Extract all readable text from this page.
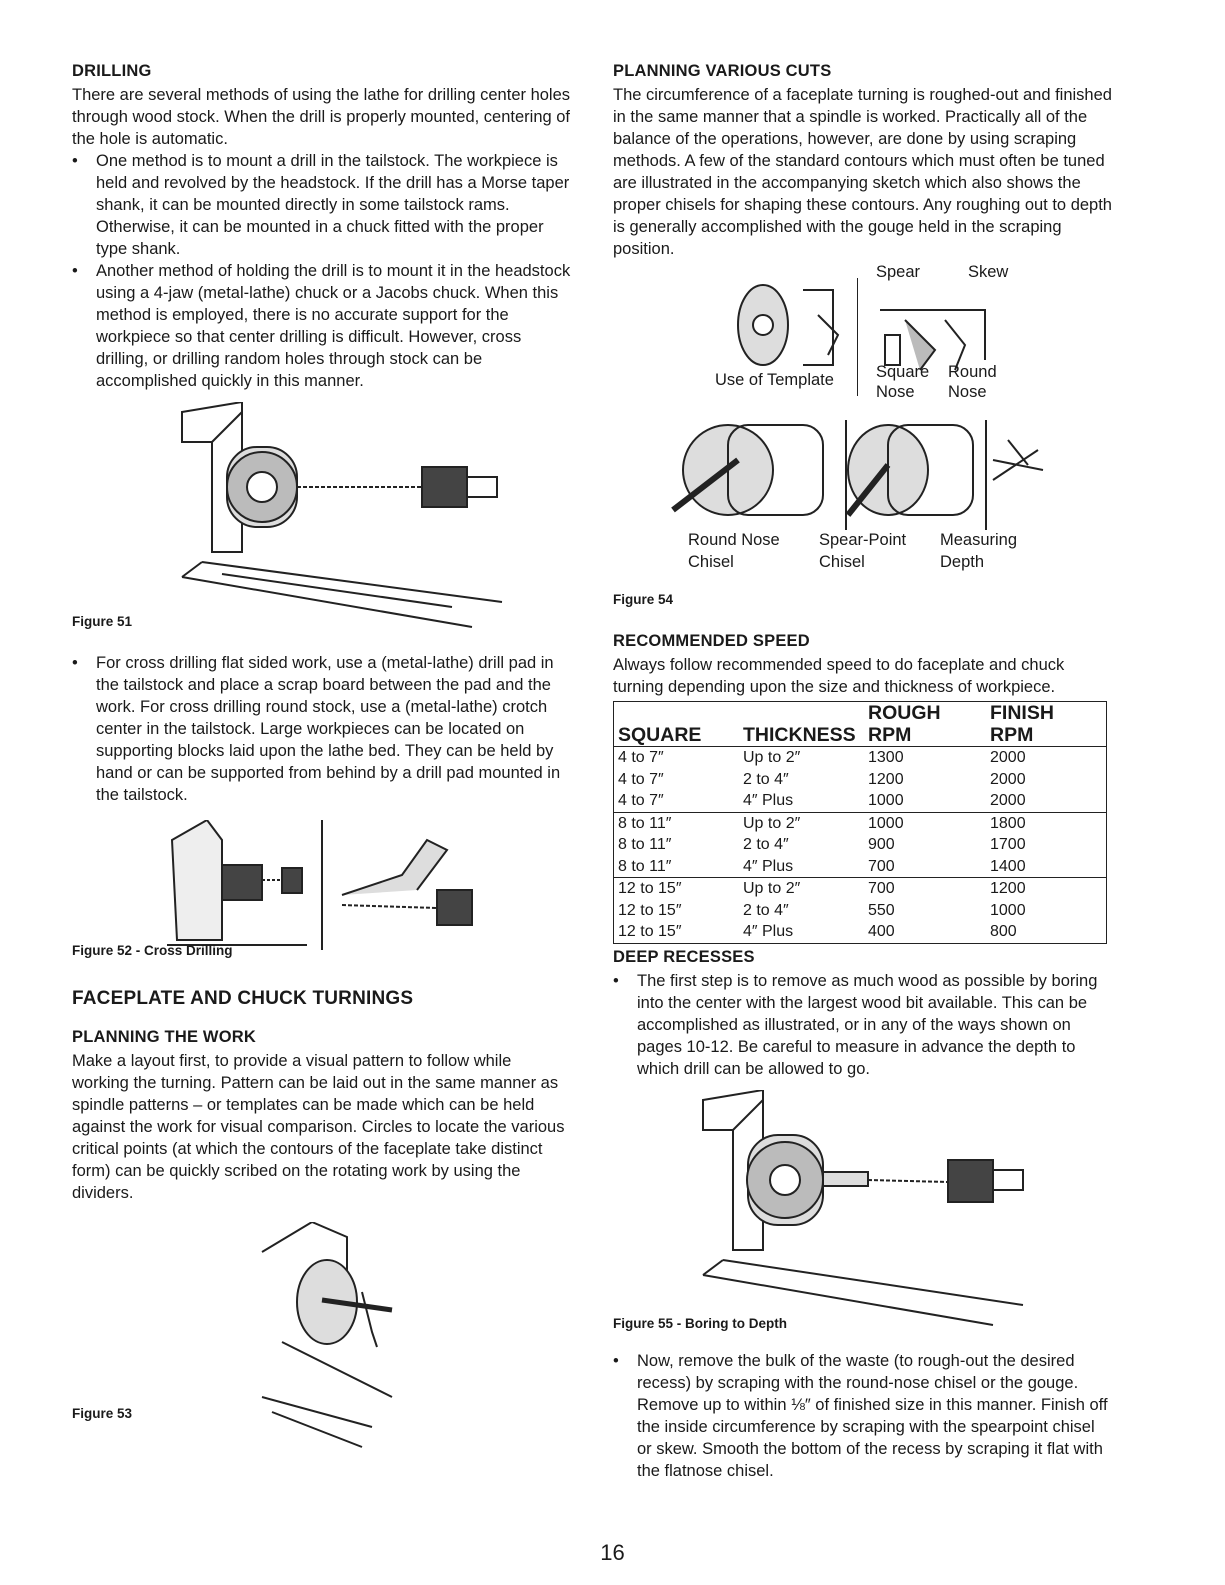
DRILLING

There are several methods of using the lathe for drilling center holes through wood stock. When the drill is properly mounted, centering of the hole is automatic.

• One method is to mount a drill in the tailstock. The workpiece is held and revolved by the headstock. If the drill has a Morse taper shank, it can be mounted directly in some tailstock rams. Otherwise, it can be mounted in a chuck fitted with the proper type shank.
• Another method of holding the drill is to mount it in the headstock using a 4-jaw (metal-lathe) chuck or a Jacobs chuck. When this method is employed, there is no accurate support for the workpiece so that center drilling is difficult. However, cross drilling, or drilling random holes through stock can be accomplished quickly in this manner.
Figure 51
• For cross drilling flat sided work, use a (metal-lathe) drill pad in the tailstock and place a scrap board between the pad and the work. For cross drilling round stock, use a (metal-lathe) crotch center in the tailstock. Large workpieces can be located on supporting blocks laid upon the lathe bed. They can be held by hand or can be supported from behind by a drill pad mounted in the tailstock.
Figure 52 - Cross Drilling
FACEPLATE AND CHUCK TURNINGS
PLANNING THE WORK

Make a layout first, to provide a visual pattern to follow while working the turning. Pattern can be laid out in the same manner as spindle patterns – or templates can be made which can be held against the work for visual comparison. Circles to locate the various critical points (at which the contours of the faceplate take distinct form) can be quickly scribed on the rotating work by using the dividers.

Figure 53
PLANNING VARIOUS CUTS

The circumference of a faceplate turning is roughed-out and finished in the same manner that a spindle is worked. Practically all of the balance of the operations, however, are done by using scraping methods. A few of the standard contours which must often be tuned are illustrated in the accompanying sketch which also shows the proper chisels for shaping these contours. Any roughing out to depth is generally accomplished with the gouge held in the scraping position.

Use of Template
Spear	Skew
Square
Nose
Round
Nose
Round Nose
Chisel
Spear-Point
Chisel
Measuring
Depth
Figure 54
RECOMMENDED SPEED

Always follow recommended speed to do faceplate and chuck turning depending upon the size and thickness of workpiece.

		ROUGH	FINISH
SQUARE	THICKNESS	RPM	RPM
4 to 7″	Up to 2″	1300	2000
4 to 7″	2 to 4″	1200	2000
4 to 7″	4″ Plus	1000	2000
8 to 11″	Up to 2″	1000	1800
8 to 11″	2 to 4″	900	1700
8 to 11″	4″ Plus	700	1400
12 to 15″	Up to 2″	700	1200
12 to 15″	2 to 4″	550	1000
12 to 15″	4″ Plus	400	800
DEEP RECESSES
• The first step is to remove as much wood as possible by boring into the center with the largest wood bit available. This can be accomplished as illustrated, or in any of the ways shown on pages 10-12. Be careful to measure in advance the depth to which drill can be allowed to go.
Figure 55 - Boring to Depth
• Now, remove the bulk of the waste (to rough-out the desired recess) by scraping with the round-nose chisel or the gouge. Remove up to within ⅛″ of finished size in this manner. Finish off the inside circumference by scraping with the spearpoint chisel or skew. Smooth the bottom of the recess by scraping it flat with the flatnose chisel.
16
